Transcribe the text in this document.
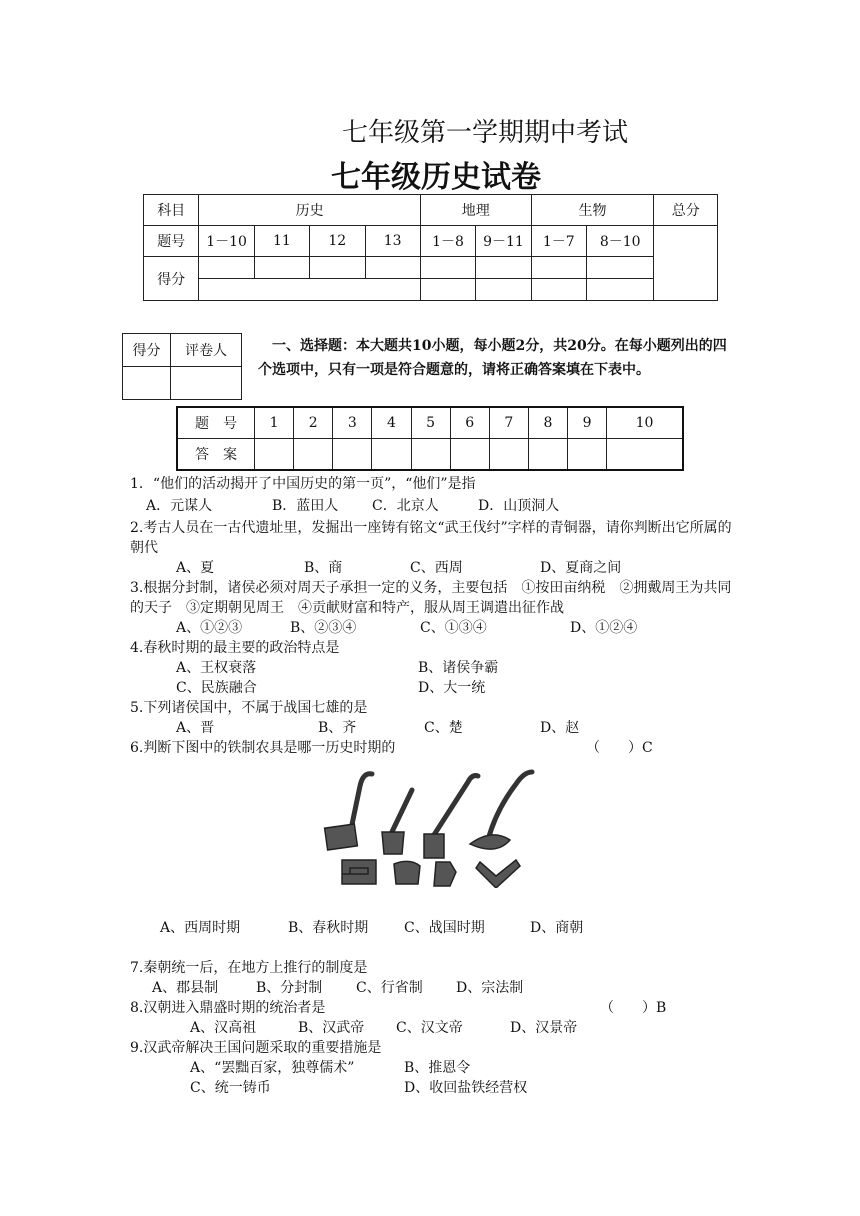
七年级第一学期期中考试
七年级历史试卷
科目	历史				地理		生物		总分
题号	1－10	11	12	13	1－8	9－11	1－7	8－10	
得分									

得分	评卷人
		一、选择题：本大题共10小题，每小题2分，共20分。在每小题列出的四个选项中，只有一项是符合题意的，请将正确答案填在下表中。
题　号	1	2	3	4	5	6	7	8	9	10
答　案										
1．“他们的活动揭开了中国历史的第一页”，“他们”是指
A．元谋人	B．蓝田人 C．北京人	D．山顶洞人
2.考古人员在一古代遗址里，发掘出一座铸有铭文“武王伐纣”字样的青铜器，请你判断出它所属的朝代
A、夏	B、商	C、西周	D、夏商之间
3.根据分封制，诸侯必须对周天子承担一定的义务，主要包括　①按田亩纳税　②拥戴周王为共同的天子　③定期朝见周王　④贡献财富和特产，服从周王调遣出征作战
A、①②③	B、②③④	C、①③④	D、①②④
4.春秋时期的最主要的政治特点是
A、王权衰落	B、诸侯争霸
C、民族融合	D、大一统
5.下列诸侯国中，不属于战国七雄的是
A、晋	B、齐	C、楚	D、赵
6.判断下图中的铁制农具是哪一历史时期的	（　　）C
A、西周时期	B、春秋时期	C、战国时期	D、商朝
7.秦朝统一后，在地方上推行的制度是
A、郡县制	B、分封制 C、行省制 D、宗法制
8.汉朝进入鼎盛时期的统治者是	（　　）B
A、汉高祖	B、汉武帝 C、汉文帝	D、汉景帝
9.汉武帝解决王国问题采取的重要措施是
A、“罢黜百家，独尊儒术”	B、推恩令
C、统一铸币	D、收回盐铁经营权
